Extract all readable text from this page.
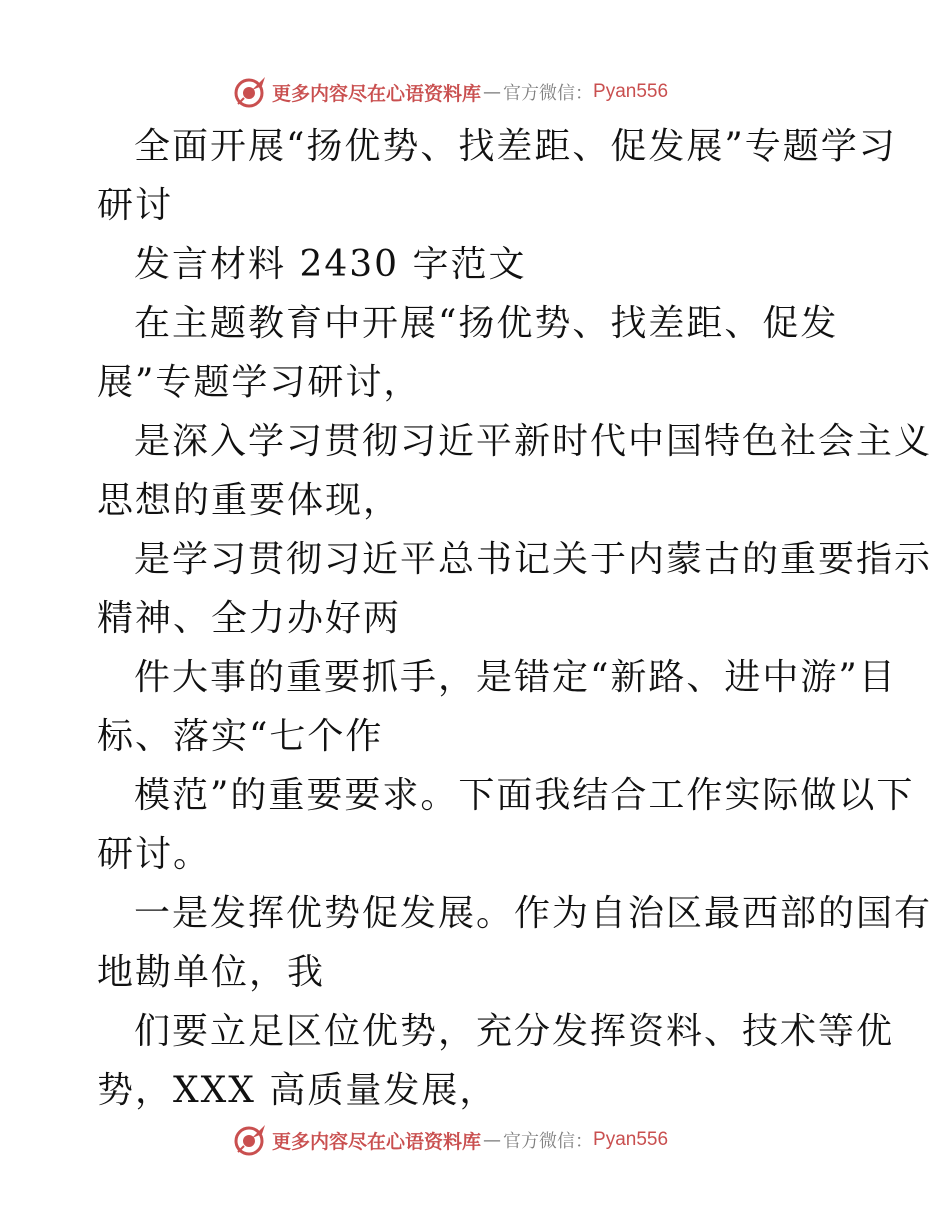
更多内容尽在心语资料库 — 官方微信： Pyan556
全面开展“扬优势、找差距、促发展”专题学习
研讨
发言材料 2430 字范文
在主题教育中开展“扬优势、找差距、促发
展”专题学习研讨，
是深入学习贯彻习近平新时代中国特色社会主义
思想的重要体现，
是学习贯彻习近平总书记关于内蒙古的重要指示
精神、全力办好两
件大事的重要抓手，是错定“新路、进中游”目
标、落实“七个作
模范”的重要要求。下面我结合工作实际做以下
研讨。
一是发挥优势促发展。作为自治区最西部的国有
地勘单位，我
们要立足区位优势，充分发挥资料、技术等优
势，XXX 高质量发展，
更多内容尽在心语资料库 — 官方微信： Pyan556
